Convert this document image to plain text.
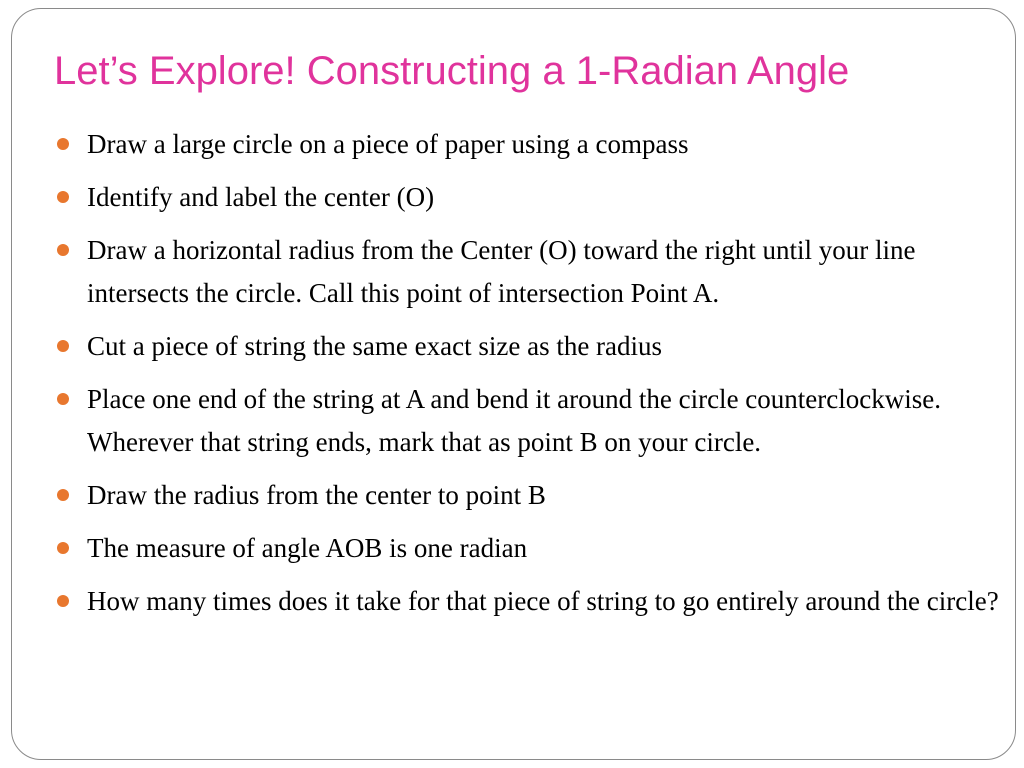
Let’s Explore! Constructing a 1-Radian Angle
Draw a large circle on a piece of paper using a compass
Identify and label the center (O)
Draw a horizontal radius from the Center (O) toward the right until your line intersects the circle. Call this point of intersection Point A.
Cut a piece of string the same exact size as the radius
Place one end of the string at A and bend it around the circle counterclockwise. Wherever that string ends, mark that as point B on your circle.
Draw the radius from the center to point B
The measure of angle AOB is one radian
How many times does it take for that piece of string to go entirely around the circle?
